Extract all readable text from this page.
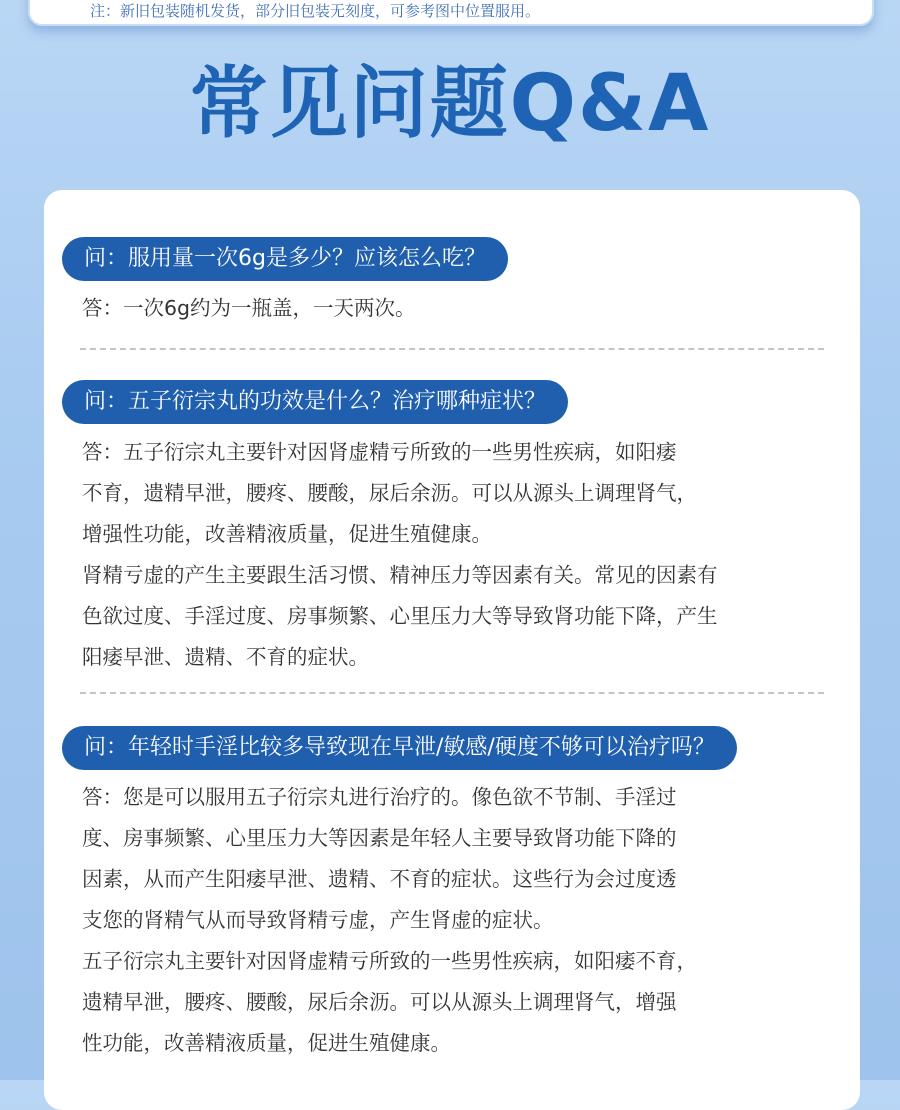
注：新旧包装随机发货，部分旧包装无刻度，可参考图中位置服用。
常见问题Q&A
问：服用量一次6g是多少？应该怎么吃？
答：一次6g约为一瓶盖，一天两次。
问：五子衍宗丸的功效是什么？治疗哪种症状？
答：五子衍宗丸主要针对因肾虚精亏所致的一些男性疾病，如阳痿
不育，遗精早泄，腰疼、腰酸，尿后余沥。可以从源头上调理肾气，
增强性功能，改善精液质量，促进生殖健康。
肾精亏虚的产生主要跟生活习惯、精神压力等因素有关。常见的因素有
色欲过度、手淫过度、房事频繁、心里压力大等导致肾功能下降，产生
阳痿早泄、遗精、不育的症状。
问：年轻时手淫比较多导致现在早泄/敏感/硬度不够可以治疗吗？
答：您是可以服用五子衍宗丸进行治疗的。像色欲不节制、手淫过
度、房事频繁、心里压力大等因素是年轻人主要导致肾功能下降的
因素，从而产生阳痿早泄、遗精、不育的症状。这些行为会过度透
支您的肾精气从而导致肾精亏虚，产生肾虚的症状。
五子衍宗丸主要针对因肾虚精亏所致的一些男性疾病，如阳痿不育，
遗精早泄，腰疼、腰酸，尿后余沥。可以从源头上调理肾气，增强
性功能，改善精液质量，促进生殖健康。
